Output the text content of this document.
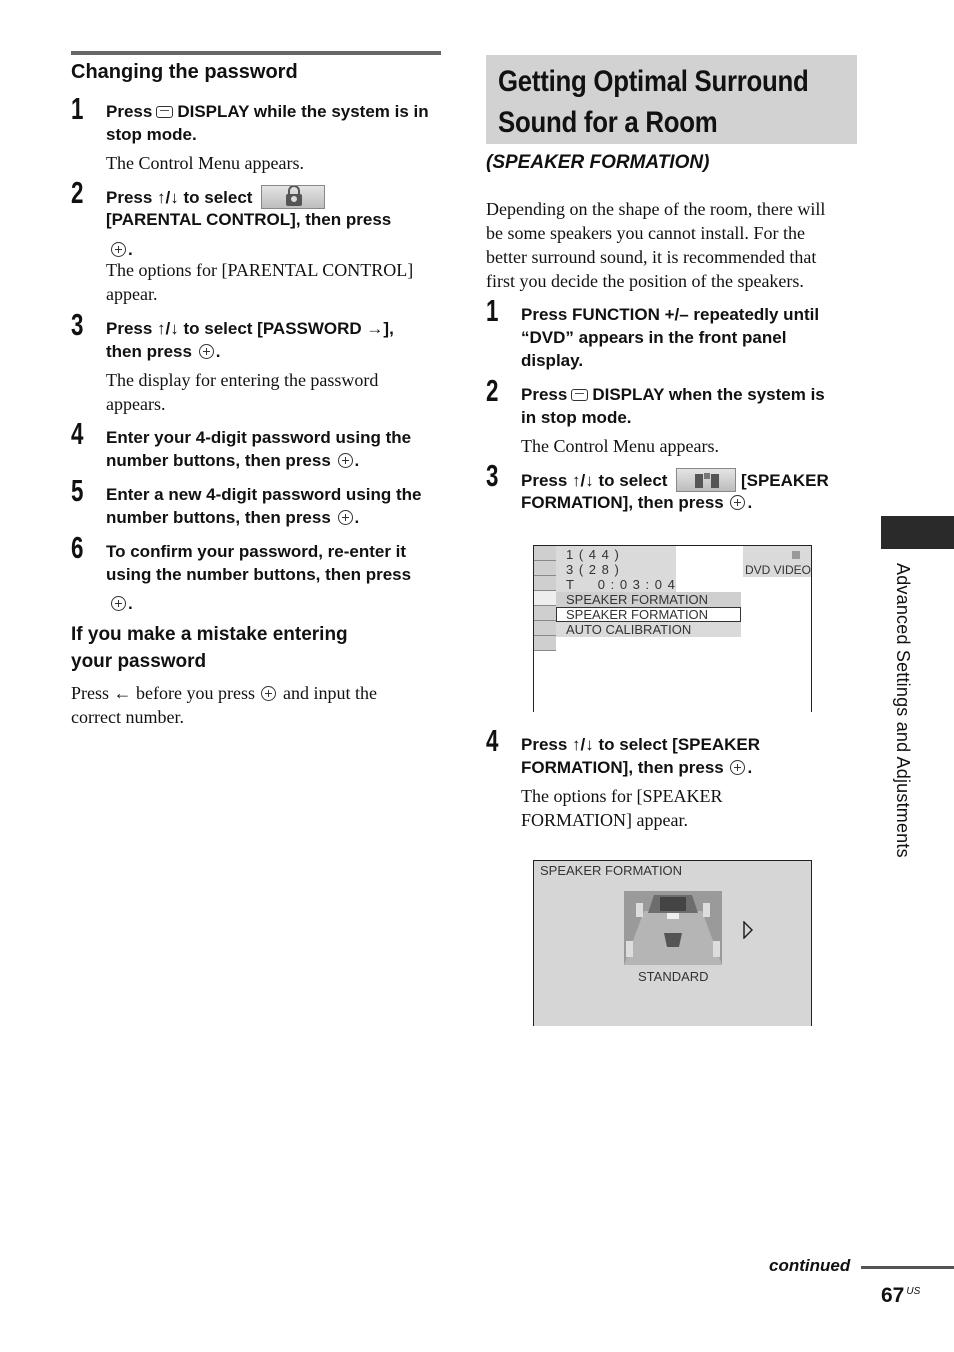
Changing the password
1 Press DISPLAY while the system is in stop mode.
The Control Menu appears.
2 Press ↑/↓ to select
[PARENTAL CONTROL], then press
.
The options for [PARENTAL CONTROL] appear.
3 Press ↑/↓ to select [PASSWORD →],
then press .
The display for entering the password appears.
4 Enter your 4-digit password using the
number buttons, then press .
5 Enter a new 4-digit password using the
number buttons, then press .
6 To confirm your password, re-enter it
using the number buttons, then press
.
If you make a mistake entering
your password
Press ← before you press and input the
correct number.
Getting Optimal Surround
Sound for a Room
(SPEAKER FORMATION)
Depending on the shape of the room, there will
be some speakers you cannot install. For the
better surround sound, it is recommended that
first you decide the position of the speakers.
1 Press FUNCTION +/– repeatedly until
“DVD” appears in the front panel
display.
2 Press DISPLAY when the system is
in stop mode.
The Control Menu appears.
3 Press ↑/↓ to select	[SPEAKER
FORMATION], then press .
1 ( 4 4 )
3 ( 2 8 )
T     0 : 0 3 : 0 4
DVD VIDEO
SPEAKER FORMATION
SPEAKER FORMATION
AUTO CALIBRATION
4 Press ↑/↓ to select [SPEAKER
FORMATION], then press .
The options for [SPEAKER
FORMATION] appear.
SPEAKER FORMATION
STANDARD
Advanced Settings and Adjustments
continued
67 $^{US}$
